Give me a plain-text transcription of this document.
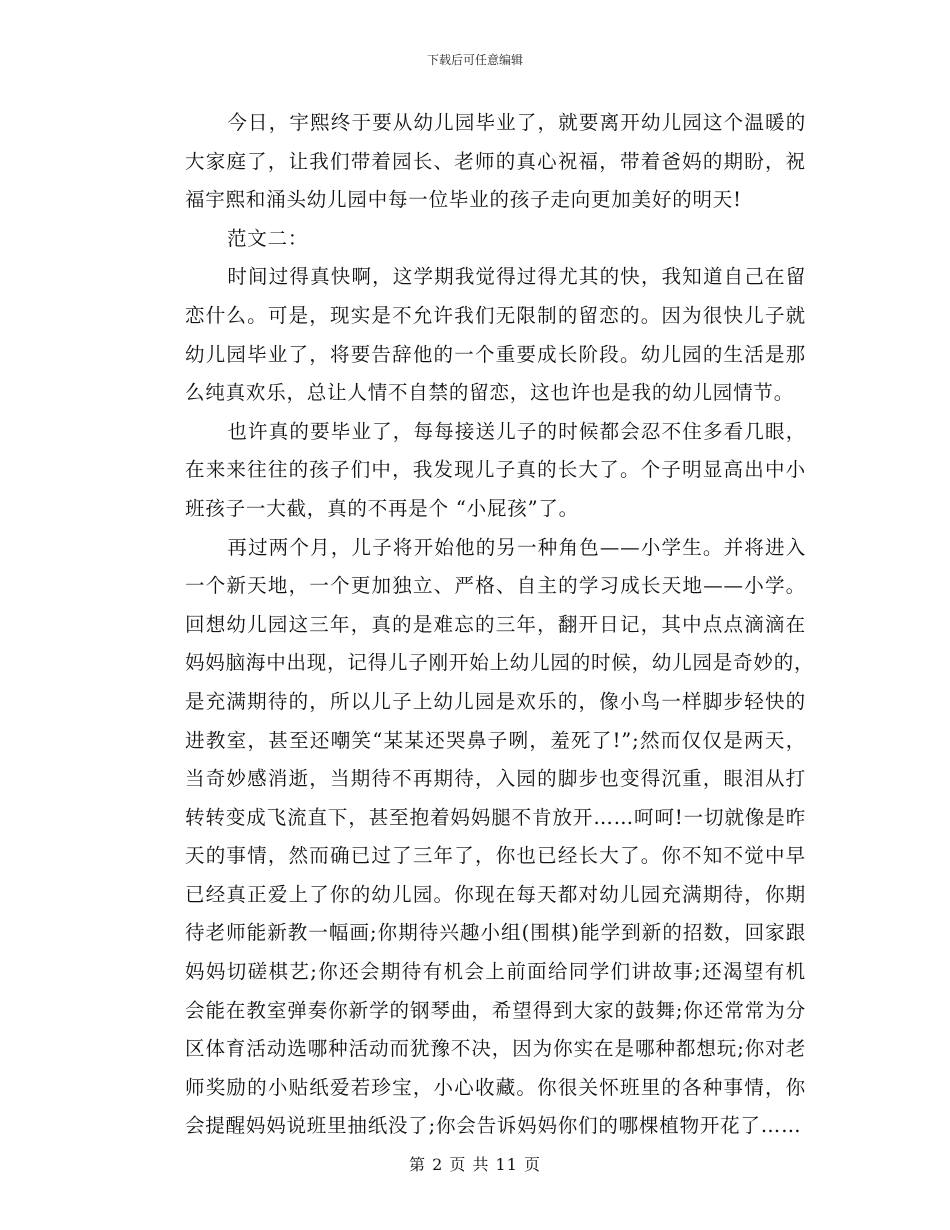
下载后可任意编辑
今日，宇熙终于要从幼儿园毕业了，就要离开幼儿园这个温暖的
大家庭了，让我们带着园长、老师的真心祝福，带着爸妈的期盼，祝
福宇熙和涌头幼儿园中每一位毕业的孩子走向更加美好的明天!
范文二：
时间过得真快啊，这学期我觉得过得尤其的快，我知道自己在留
恋什么。可是，现实是不允许我们无限制的留恋的。因为很快儿子就
幼儿园毕业了，将要告辞他的一个重要成长阶段。幼儿园的生活是那
么纯真欢乐，总让人情不自禁的留恋，这也许也是我的幼儿园情节。
也许真的要毕业了，每每接送儿子的时候都会忍不住多看几眼，
在来来往往的孩子们中，我发现儿子真的长大了。个子明显高出中小
班孩子一大截，真的不再是个 “小屁孩”了。
再过两个月，儿子将开始他的另一种角色——小学生。并将进入
一个新天地，一个更加独立、严格、自主的学习成长天地——小学。
回想幼儿园这三年，真的是难忘的三年，翻开日记，其中点点滴滴在
妈妈脑海中出现，记得儿子刚开始上幼儿园的时候，幼儿园是奇妙的，
是充满期待的，所以儿子上幼儿园是欢乐的，像小鸟一样脚步轻快的
进教室，甚至还嘲笑“某某还哭鼻子咧，羞死了!”;然而仅仅是两天，
当奇妙感消逝，当期待不再期待，入园的脚步也变得沉重，眼泪从打
转转变成飞流直下，甚至抱着妈妈腿不肯放开……呵呵!一切就像是昨
天的事情，然而确已过了三年了，你也已经长大了。你不知不觉中早
已经真正爱上了你的幼儿园。你现在每天都对幼儿园充满期待，你期
待老师能新教一幅画;你期待兴趣小组(围棋)能学到新的招数，回家跟
妈妈切磋棋艺;你还会期待有机会上前面给同学们讲故事;还渴望有机
会能在教室弹奏你新学的钢琴曲，希望得到大家的鼓舞;你还常常为分
区体育活动选哪种活动而犹豫不决，因为你实在是哪种都想玩;你对老
师奖励的小贴纸爱若珍宝，小心收藏。你很关怀班里的各种事情，你
会提醒妈妈说班里抽纸没了;你会告诉妈妈你们的哪棵植物开花了……
第 2 页 共 11 页
